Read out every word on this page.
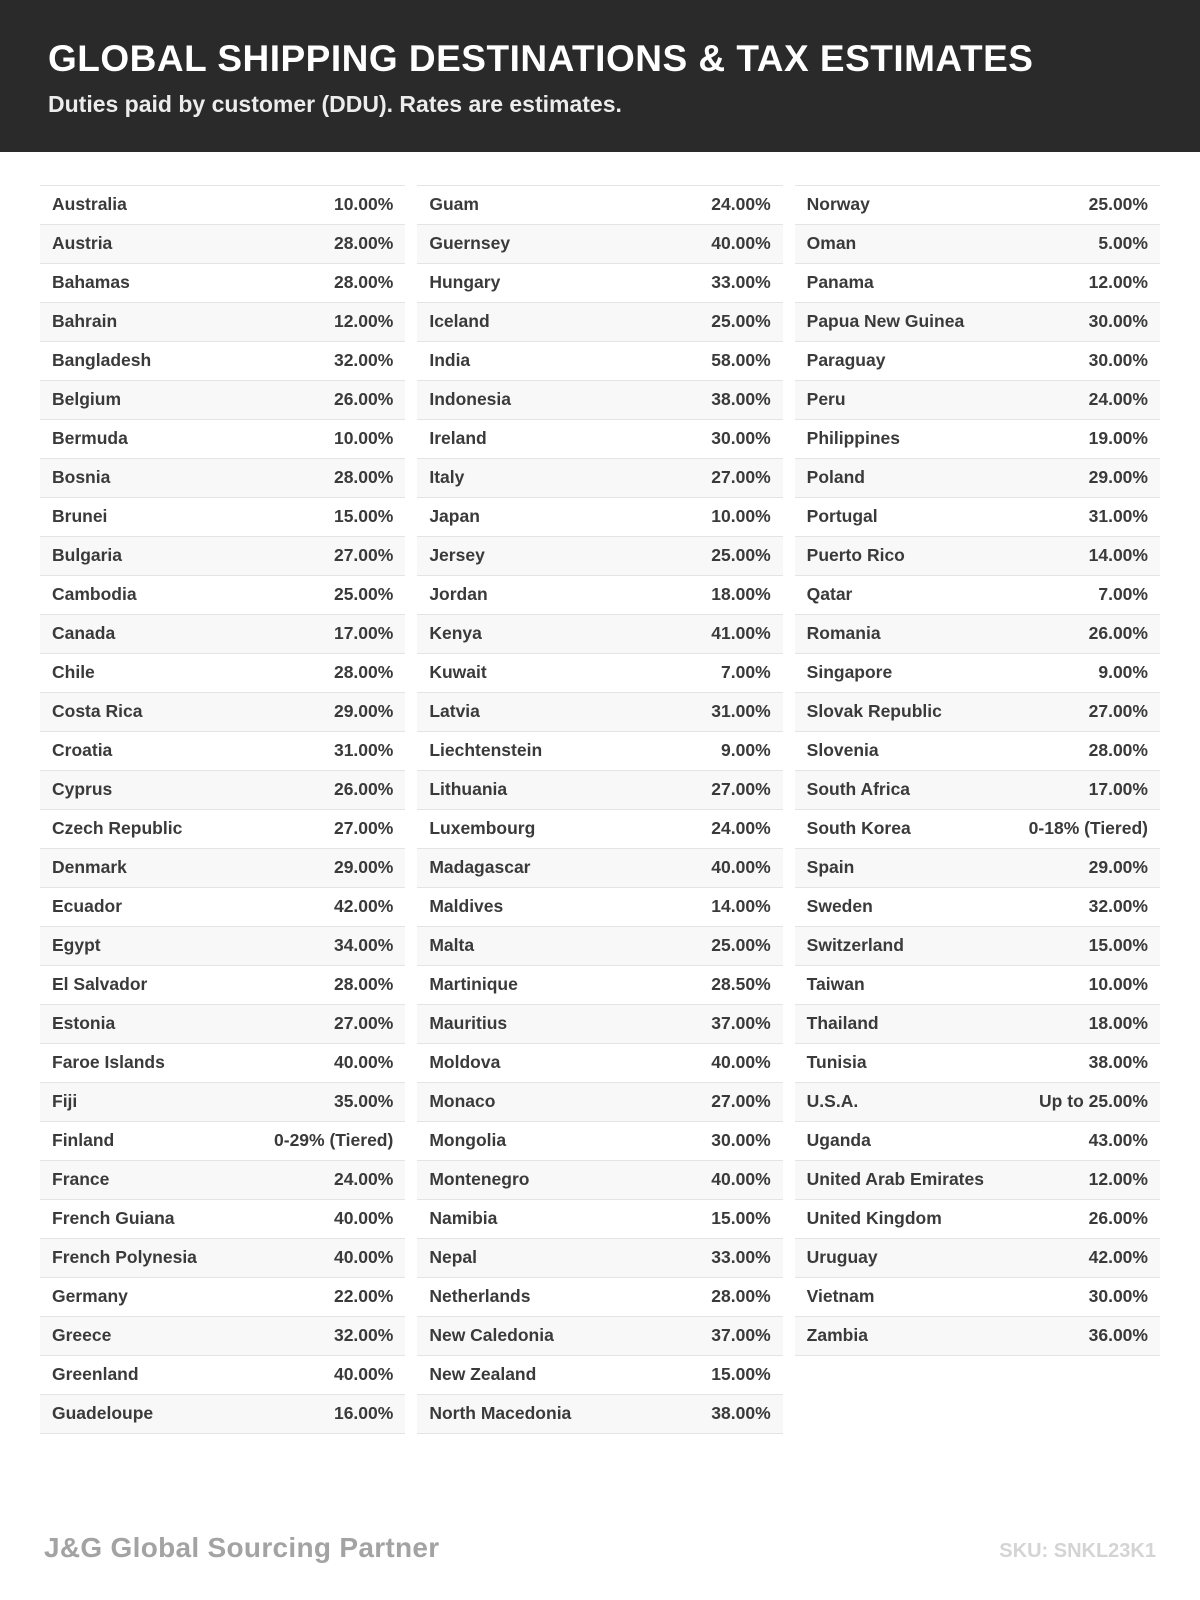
GLOBAL SHIPPING DESTINATIONS & TAX ESTIMATES
Duties paid by customer (DDU). Rates are estimates.
Australia	10.00%
Austria	28.00%
Bahamas	28.00%
Bahrain	12.00%
Bangladesh	32.00%
Belgium	26.00%
Bermuda	10.00%
Bosnia	28.00%
Brunei	15.00%
Bulgaria	27.00%
Cambodia	25.00%
Canada	17.00%
Chile	28.00%
Costa Rica	29.00%
Croatia	31.00%
Cyprus	26.00%
Czech Republic	27.00%
Denmark	29.00%
Ecuador	42.00%
Egypt	34.00%
El Salvador	28.00%
Estonia	27.00%
Faroe Islands	40.00%
Fiji	35.00%
Finland	0-29% (Tiered)
France	24.00%
French Guiana	40.00%
French Polynesia	40.00%
Germany	22.00%
Greece	32.00%
Greenland	40.00%
Guadeloupe	16.00%
Guam	24.00%
Guernsey	40.00%
Hungary	33.00%
Iceland	25.00%
India	58.00%
Indonesia	38.00%
Ireland	30.00%
Italy	27.00%
Japan	10.00%
Jersey	25.00%
Jordan	18.00%
Kenya	41.00%
Kuwait	7.00%
Latvia	31.00%
Liechtenstein	9.00%
Lithuania	27.00%
Luxembourg	24.00%
Madagascar	40.00%
Maldives	14.00%
Malta	25.00%
Martinique	28.50%
Mauritius	37.00%
Moldova	40.00%
Monaco	27.00%
Mongolia	30.00%
Montenegro	40.00%
Namibia	15.00%
Nepal	33.00%
Netherlands	28.00%
New Caledonia	37.00%
New Zealand	15.00%
North Macedonia	38.00%
Norway	25.00%
Oman	5.00%
Panama	12.00%
Papua New Guinea	30.00%
Paraguay	30.00%
Peru	24.00%
Philippines	19.00%
Poland	29.00%
Portugal	31.00%
Puerto Rico	14.00%
Qatar	7.00%
Romania	26.00%
Singapore	9.00%
Slovak Republic	27.00%
Slovenia	28.00%
South Africa	17.00%
South Korea	0-18% (Tiered)
Spain	29.00%
Sweden	32.00%
Switzerland	15.00%
Taiwan	10.00%
Thailand	18.00%
Tunisia	38.00%
U.S.A.	Up to 25.00%
Uganda	43.00%
United Arab Emirates	12.00%
United Kingdom	26.00%
Uruguay	42.00%
Vietnam	30.00%
Zambia	36.00%
J&G Global Sourcing Partner	SKU: SNKL23K1
